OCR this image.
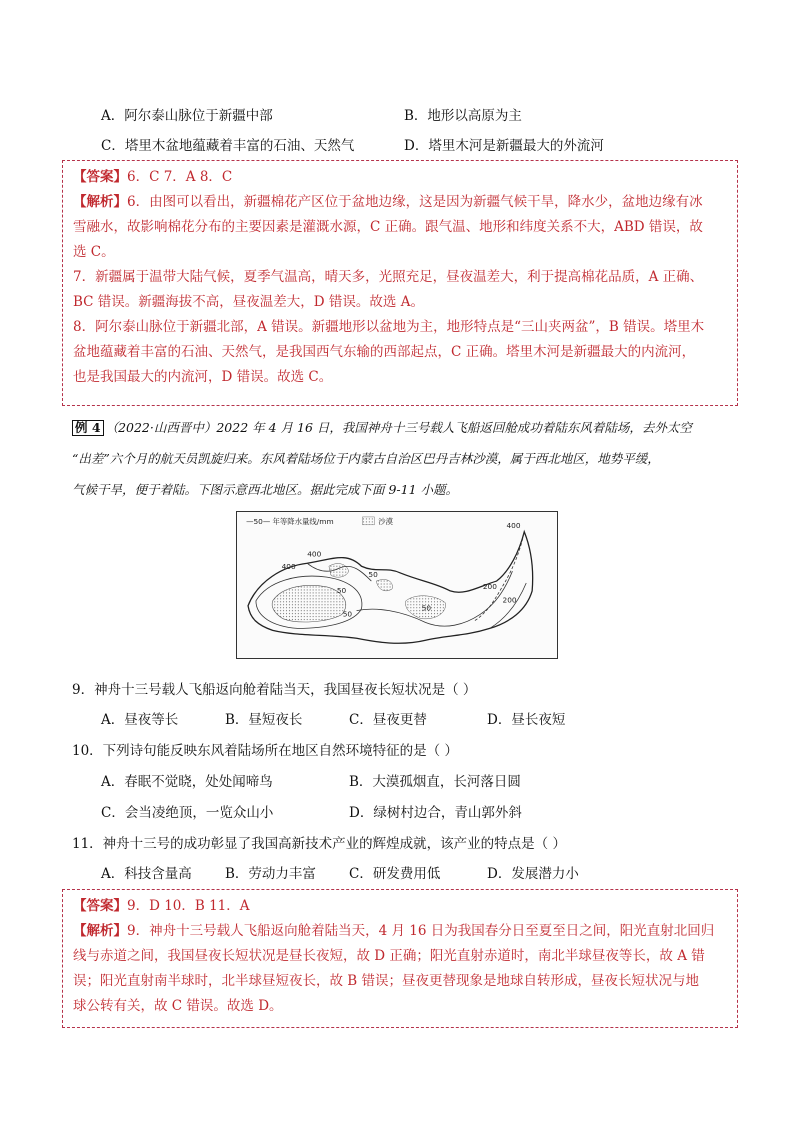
A．阿尔泰山脉位于新疆中部	B．地形以高原为主
C．塔里木盆地蕴藏着丰富的石油、天然气	D．塔里木河是新疆最大的外流河

【答案】6．C 7．A 8．C

【解析】6．由图可以看出，新疆棉花产区位于盆地边缘，这是因为新疆气候干旱，降水少，盆地边缘有冰

雪融水，故影响棉花分布的主要因素是灌溉水源，C 正确。跟气温、地形和纬度关系不大，ABD 错误，故

选 C。

7．新疆属于温带大陆气候，夏季气温高，晴天多，光照充足，昼夜温差大，利于提高棉花品质，A 正确、

BC 错误。新疆海拔不高，昼夜温差大，D 错误。故选 A。

8．阿尔泰山脉位于新疆北部，A 错误。新疆地形以盆地为主，地形特点是“三山夹两盆”，B 错误。塔里木

盆地蕴藏着丰富的石油、天然气，是我国西气东输的西部起点，C 正确。塔里木河是新疆最大的内流河，

也是我国最大的内流河，D 错误。故选 C。

例 4 （2022·山西晋中）2022 年 4 月 16 日，我国神舟十三号载人飞船返回舱成功着陆东风着陆场，去外太空
“出差”六个月的航天员凯旋归来。东风着陆场位于内蒙古自治区巴丹吉林沙漠，属于西北地区，地势平缓，
气候干旱，便于着陆。下图示意西北地区。据此完成下面 9-11 小题。
—50— 年等降水量线/mm	沙漠
400
400
50
50
50
200
400
200
50
9．神舟十三号载人飞船返向舱着陆当天，我国昼夜长短状况是（ ）
A．昼夜等长	B．昼短夜长	C．昼夜更替	D．昼长夜短
10．下列诗句能反映东风着陆场所在地区自然环境特征的是（ ）
A．春眠不觉晓，处处闻啼鸟	B．大漠孤烟直，长河落日圆
C．会当凌绝顶，一览众山小	D．绿树村边合，青山郭外斜
11．神舟十三号的成功彰显了我国高新技术产业的辉煌成就，该产业的特点是（ ）
A．科技含量高 B．劳动力丰富 C．研发费用低	D．发展潜力小

【答案】9．D 10．B 11．A

【解析】9．神舟十三号载人飞船返向舱着陆当天，4 月 16 日为我国春分日至夏至日之间，阳光直射北回归

线与赤道之间，我国昼夜长短状况是昼长夜短，故 D 正确；阳光直射赤道时，南北半球昼夜等长，故 A 错

误；阳光直射南半球时，北半球昼短夜长，故 B 错误；昼夜更替现象是地球自转形成，昼夜长短状况与地

球公转有关，故 C 错误。故选 D。
